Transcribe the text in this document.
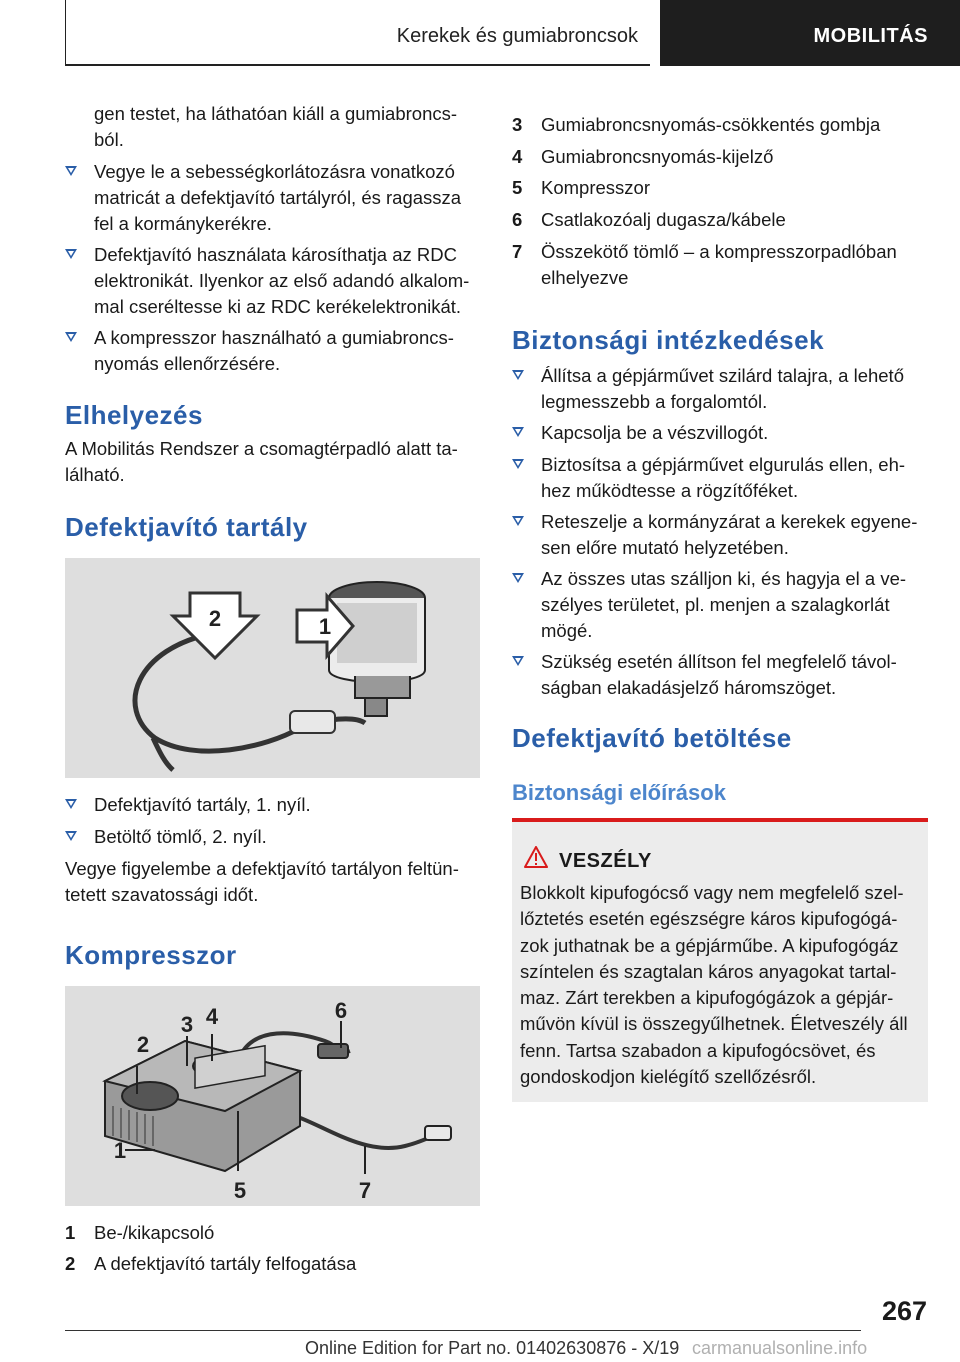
Kerekek és gumiabroncsok	MOBILITÁS
gen testet, ha láthatóan kiáll a gumiabroncs-
ból.
Vegye le a sebességkorlátozásra vonatkozó matricát a defektjavító tartályról, és ragassza fel a kormánykerékre.
Defektjavító használata károsíthatja az RDC elektronikát. Ilyenkor az első adandó alkalom-mal cseréltesse ki az RDC kerékelektronikát.
A kompresszor használható a gumiabroncs-nyomás ellenőrzésére.
Elhelyezés
A Mobilitás Rendszer a csomagtérpadló alatt ta-lálható.
Defektjavító tartály
2	1
Defektjavító tartály, 1. nyíl.
Betöltő tömlő, 2. nyíl.
Vegye figyelembe a defektjavító tartályon feltün-tetett szavatossági időt.
Kompresszor
1
2
3 4
5
6
7
1 Be-/kikapcsoló
2 A defektjavító tartály felfogatása
3 Gumiabroncsnyomás-csökkentés gombja
4 Gumiabroncsnyomás-kijelző
5 Kompresszor
6 Csatlakozóalj dugasza/kábele
7 Összekötő tömlő – a kompresszorpadlóban elhelyezve
Biztonsági intézkedések
Állítsa a gépjárművet szilárd talajra, a lehető legmesszebb a forgalomtól.
Kapcsolja be a vészvillogót.
Biztosítsa a gépjárművet elgurulás ellen, eh-hez működtesse a rögzítőféket.
Reteszelje a kormányzárat a kerekek egyene-sen előre mutató helyzetében.
Az összes utas szálljon ki, és hagyja el a ve-szélyes területet, pl. menjen a szalagkorlát mögé.
Szükség esetén állítson fel megfelelő távol-ságban elakadásjelző háromszöget.
Defektjavító betöltése
Biztonsági előírások
VESZÉLY
Blokkolt kipufogócső vagy nem megfelelő szel-lőztetés esetén egészségre káros kipufogógá-zok juthatnak be a gépjárműbe. A kipufogógáz színtelen és szagtalan káros anyagokat tartal-maz. Zárt terekben a kipufogógázok a gépjár-művön kívül is összegyűlhetnek. Életveszély áll fenn. Tartsa szabadon a kipufogócsövet, és gondoskodjon kielégítő szellőzésről.
267
Online Edition for Part no. 01402630876 - X/19 carmanualsonline.info
